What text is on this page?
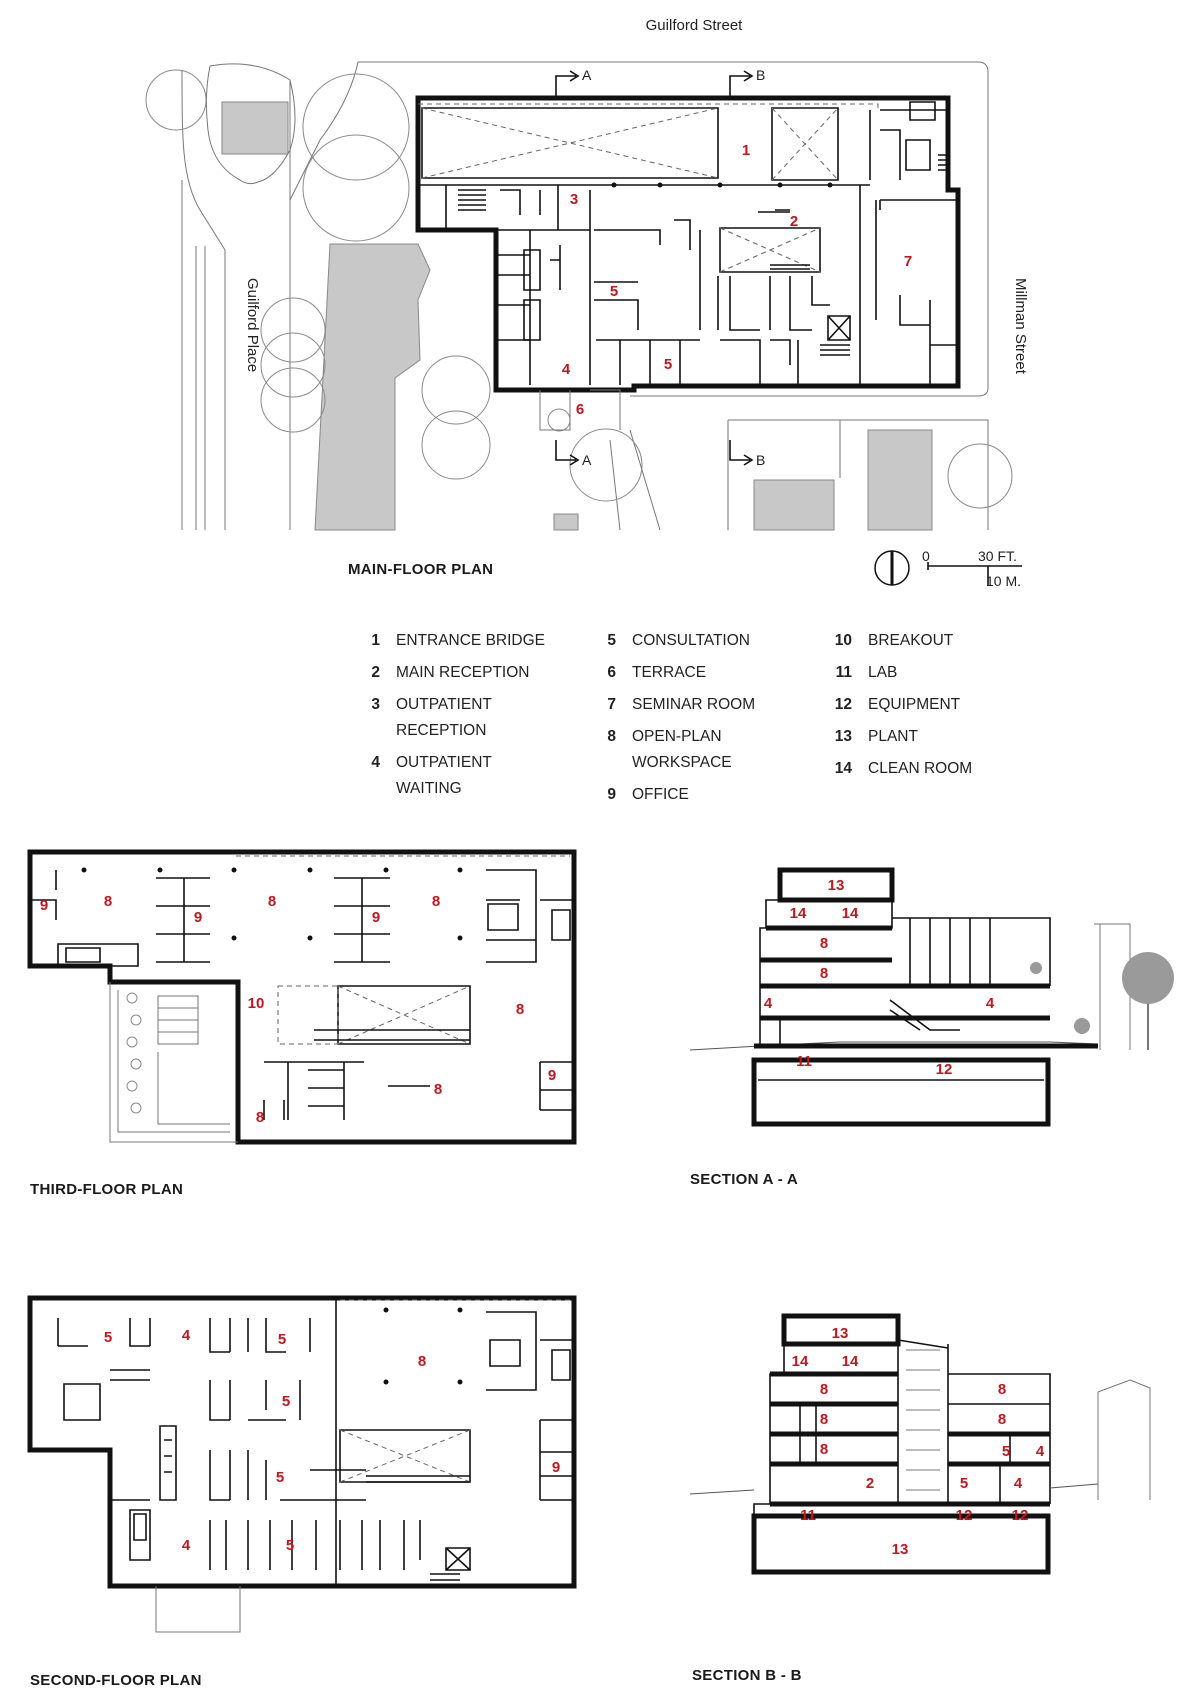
Guilford Street
Guilford Place	Millman Street
A	B
A	B
1
2
3
4
5
5
6
7
MAIN-FLOOR PLAN
0	30 FT.
10 M.
9	8
9
8
9
8
10	8
9
8
8
THIRD-FLOOR PLAN
13
14 14
8
8
4	4
11	12
SECTION A - A
5	4	5
5
8
5
9
4	5
SECOND-FLOOR PLAN
13
14 14
8
8
8
8
8
5 4
2	5	4
11	12	12
13
SECTION B - B
1 ENTRANCE BRIDGE
2 MAIN RECEPTION
3 OUTPATIENT RECEPTION
4 OUTPATIENT WAITING
5 CONSULTATION
6 TERRACE
7 SEMINAR ROOM
8 OPEN-PLAN WORKSPACE
9 OFFICE
10 BREAKOUT
11 LAB
12 EQUIPMENT
13 PLANT
14 CLEAN ROOM
